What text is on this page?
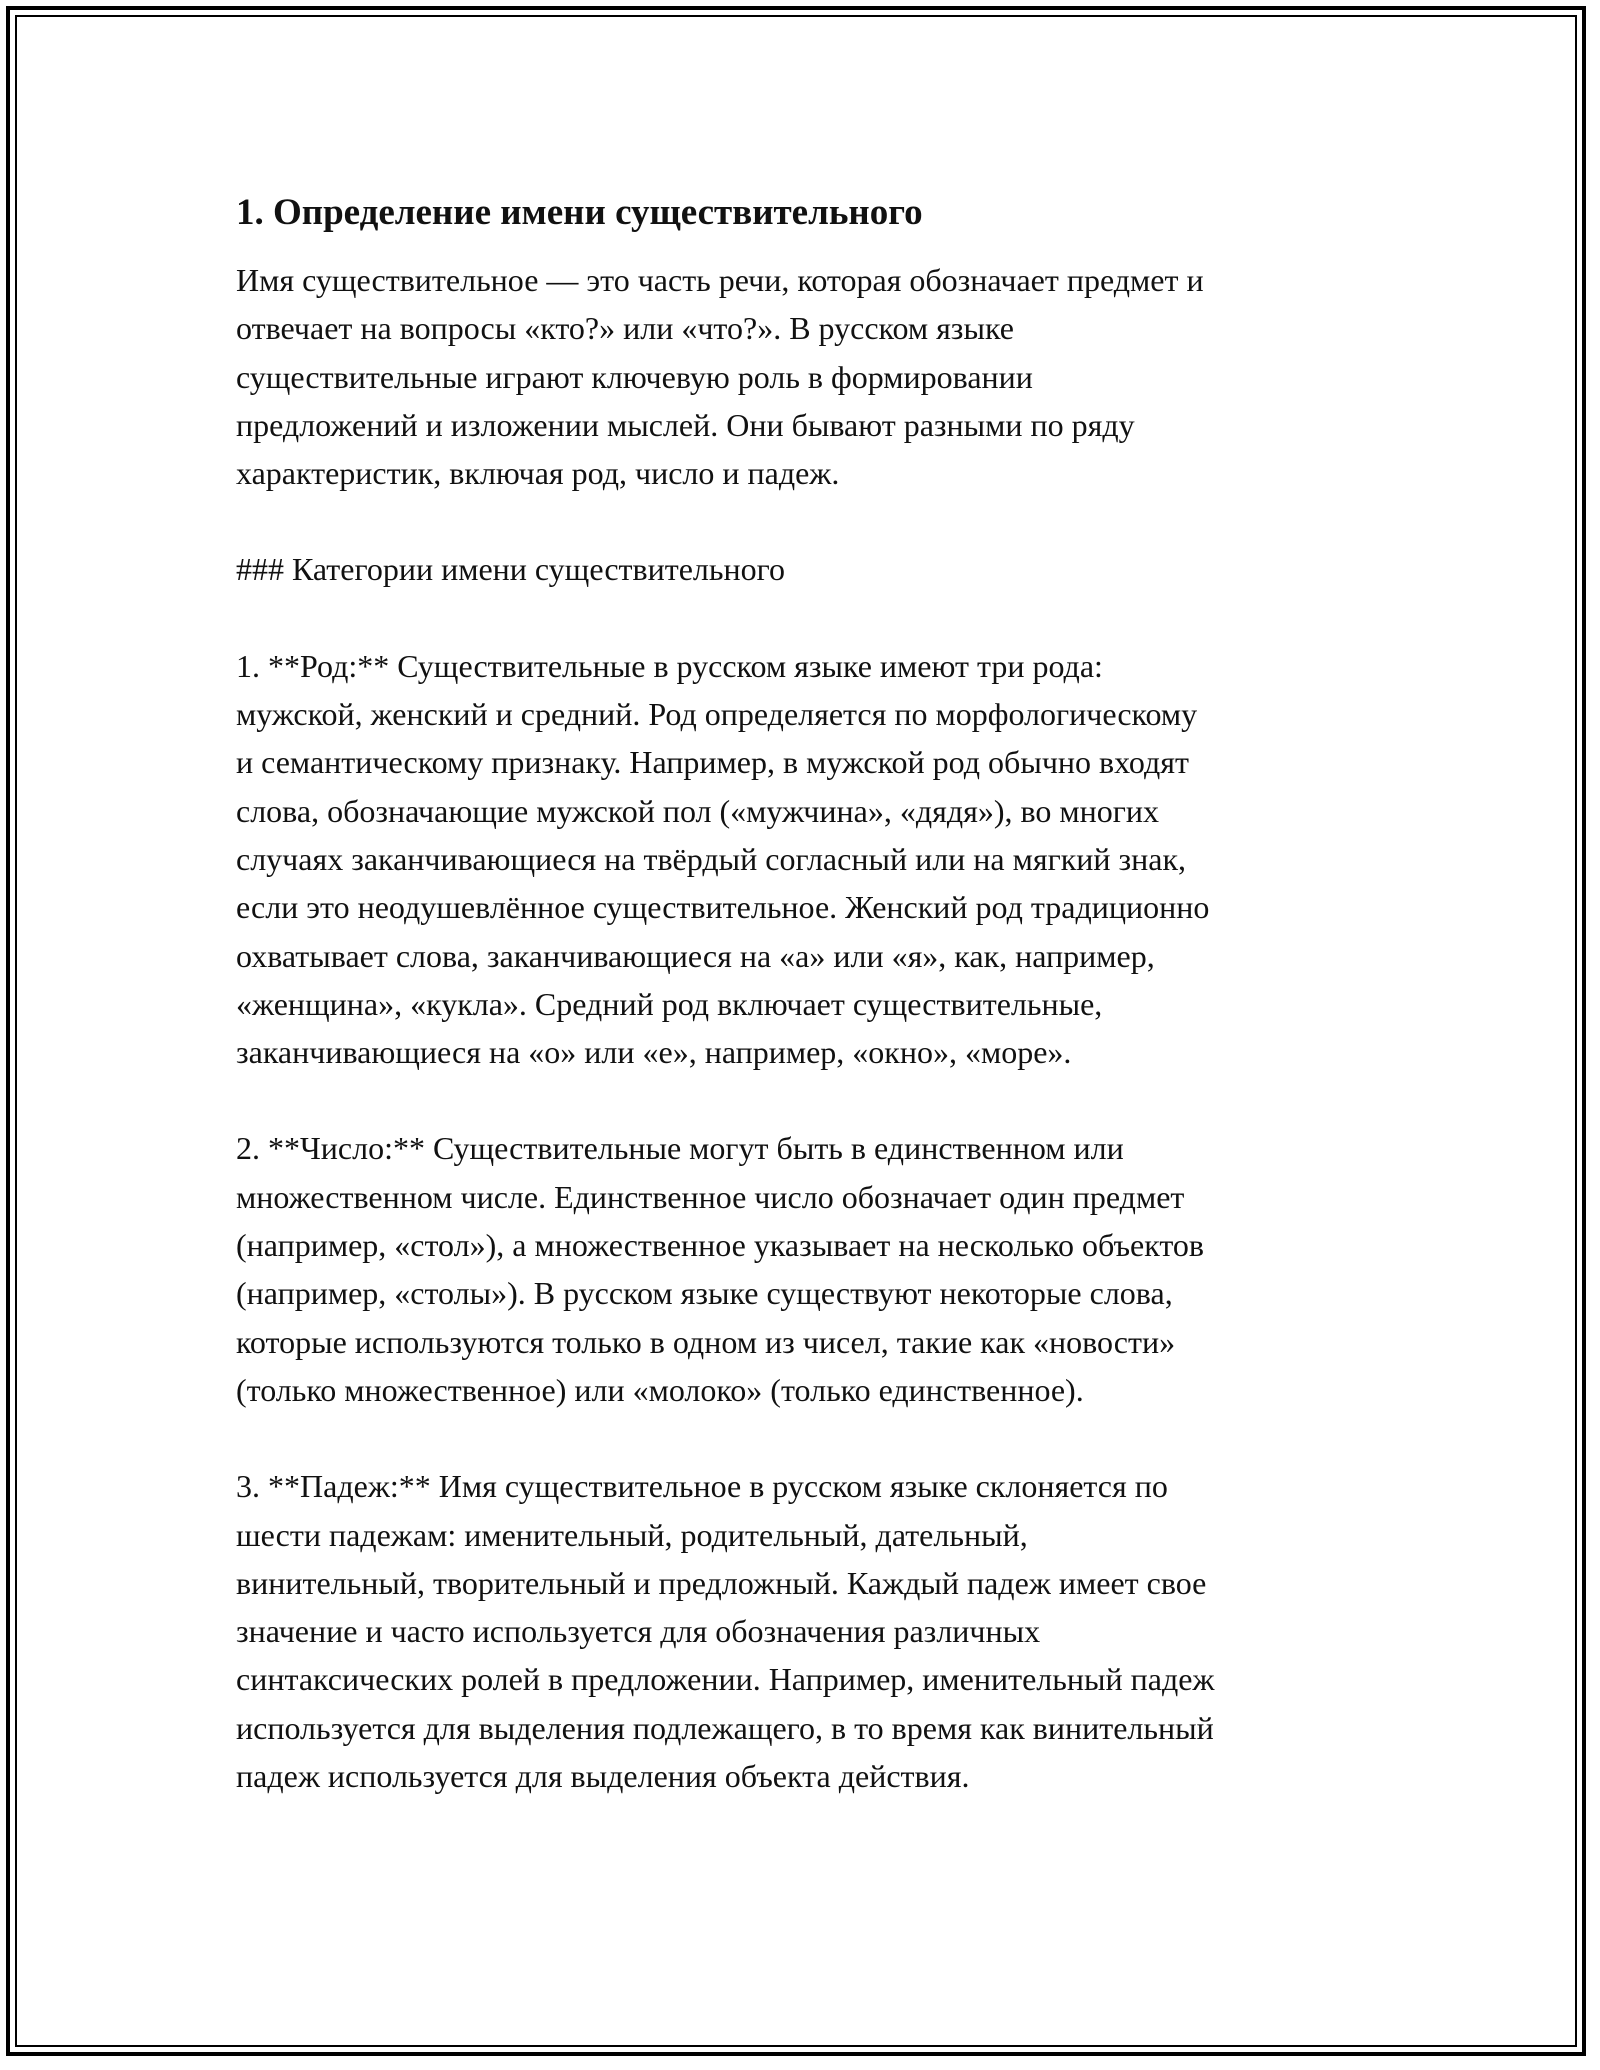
1. Определение имени существительного

Имя существительное — это часть речи, которая обозначает предмет и
отвечает на вопросы «кто?» или «что?». В русском языке
существительные играют ключевую роль в формировании
предложений и изложении мыслей. Они бывают разными по ряду
характеристик, включая род, число и падеж.

### Категории имени существительного

1. **Род:** Существительные в русском языке имеют три рода:
мужской, женский и средний. Род определяется по морфологическому
и семантическому признаку. Например, в мужской род обычно входят
слова, обозначающие мужской пол («мужчина», «дядя»), во многих
случаях заканчивающиеся на твёрдый согласный или на мягкий знак,
если это неодушевлённое существительное. Женский род традиционно
охватывает слова, заканчивающиеся на «а» или «я», как, например,
«женщина», «кукла». Средний род включает существительные,
заканчивающиеся на «о» или «е», например, «окно», «море».

2. **Число:** Существительные могут быть в единственном или
множественном числе. Единственное число обозначает один предмет
(например, «стол»), а множественное указывает на несколько объектов
(например, «столы»). В русском языке существуют некоторые слова,
которые используются только в одном из чисел, такие как «новости»
(только множественное) или «молоко» (только единственное).

3. **Падеж:** Имя существительное в русском языке склоняется по
шести падежам: именительный, родительный, дательный,
винительный, творительный и предложный. Каждый падеж имеет свое
значение и часто используется для обозначения различных
синтаксических ролей в предложении. Например, именительный падеж
используется для выделения подлежащего, в то время как винительный
падеж используется для выделения объекта действия.
